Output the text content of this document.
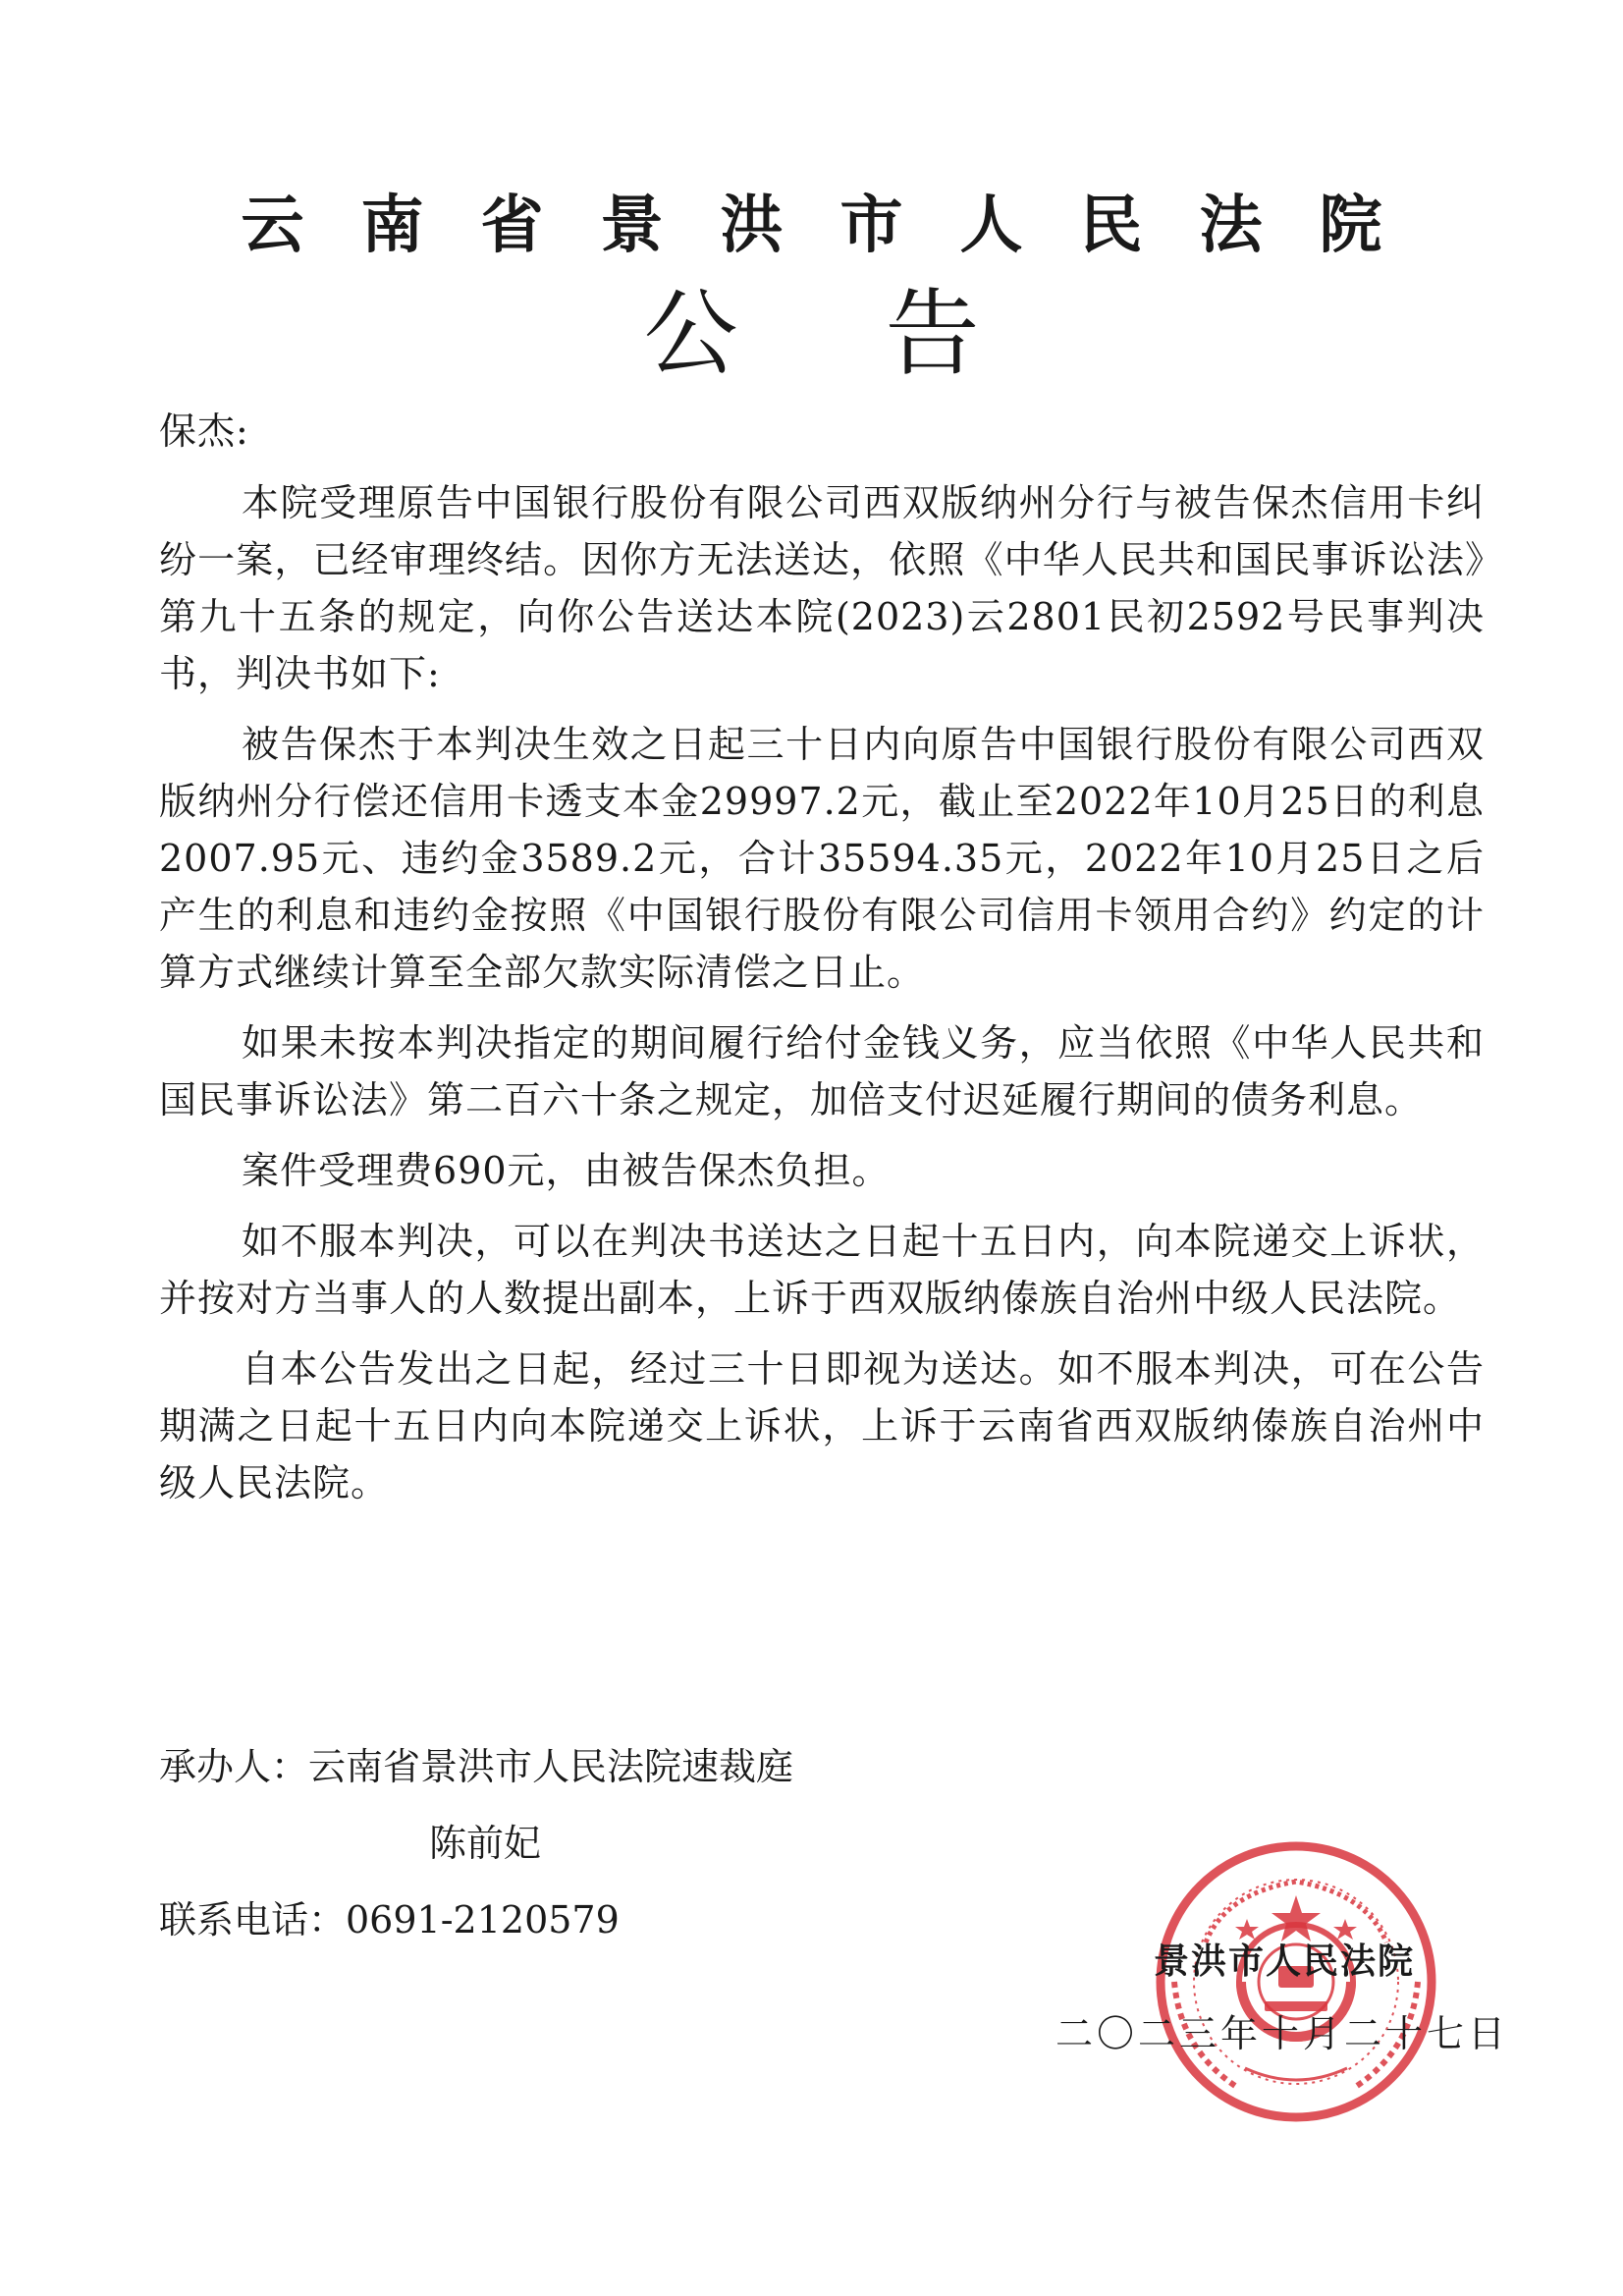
云南省景洪市人民法院
公告

保杰:

本院受理原告中国银行股份有限公司西双版纳州分行与被告保杰信用卡纠纷一案，已经审理终结。因你方无法送达，依照《中华人民共和国民事诉讼法》第九十五条的规定，向你公告送达本院(2023)云2801民初2592号民事判决书，判决书如下:

被告保杰于本判决生效之日起三十日内向原告中国银行股份有限公司西双版纳州分行偿还信用卡透支本金29997.2元，截止至2022年10月25日的利息2007.95元、违约金3589.2元，合计35594.35元，2022年10月25日之后产生的利息和违约金按照《中国银行股份有限公司信用卡领用合约》约定的计算方式继续计算至全部欠款实际清偿之日止。

如果未按本判决指定的期间履行给付金钱义务，应当依照《中华人民共和国民事诉讼法》第二百六十条之规定，加倍支付迟延履行期间的债务利息。

案件受理费690元，由被告保杰负担。

如不服本判决，可以在判决书送达之日起十五日内，向本院递交上诉状，并按对方当事人的人数提出副本，上诉于西双版纳傣族自治州中级人民法院。

自本公告发出之日起，经过三十日即视为送达。如不服本判决，可在公告期满之日起十五日内向本院递交上诉状，上诉于云南省西双版纳傣族自治州中级人民法院。

承办人：云南省景洪市人民法院速裁庭

陈前妃

联系电话：0691-2120579

景洪市人民法院
二〇二三年十月二十七日
